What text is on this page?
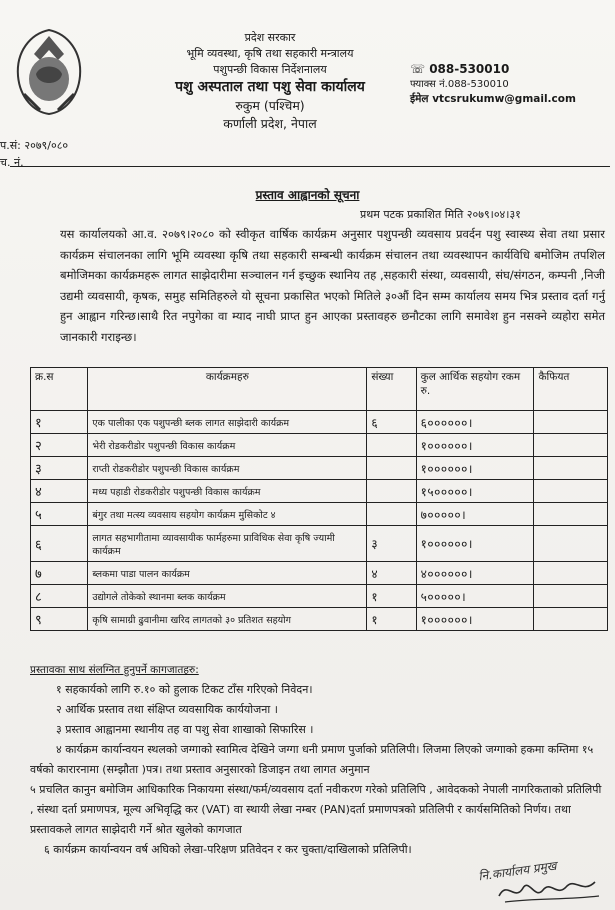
प्रदेश सरकार
भूमि व्यवस्था, कृषि तथा सहकारी मन्त्रालय
पशुपन्छी विकास निर्देशनालय
पशु अस्पताल तथा पशु सेवा कार्यालय
रुकुम (पश्चिम)
कर्णाली प्रदेश, नेपाल
☏ 088-530010
फ्याक्स नं.088-530010
ईमेल vtcsrukumw@gmail.com
प.सं: २०७९/०८०
च. नं.
प्रस्ताव आह्वानको सूचना
प्रथम पटक प्रकाशित मिति २०७९।०४।३१
यस कार्यालयको आ.व. २०७९।२०८० को स्वीकृत वार्षिक कार्यक्रम अनुसार पशुपन्छी व्यवसाय प्रवर्दन पशु स्वास्थ्य सेवा तथा प्रसार कार्यक्रम संचालनका लागि भूमि व्यवस्था कृषि तथा सहकारी सम्बन्धी कार्यक्रम संचालन तथा व्यवस्थापन कार्यविधि बमोजिम तपशिल बमोजिमका कार्यक्रमहरू लागत साझेदारीमा सञ्चालन गर्न इच्छुक स्थानिय तह ,सहकारी संस्था, व्यवसायी, संघ/संगठन, कम्पनी ,निजी उद्यमी व्यवसायी, कृषक, समुह समितिहरुले यो सूचना प्रकासित भएको मितिले ३०औं दिन सम्म कार्यालय समय भित्र प्रस्ताव दर्ता गर्नु हुन आह्वान गरिन्छ।साथै रित नपुगेका वा म्याद नाघी प्राप्त हुन आएका प्रस्तावहरु छनौटका लागि समावेश हुन नसक्ने व्यहोरा समेत जानकारी गराइन्छ।
क्र.स	कार्यक्रमहरु	संख्या	कुल आर्थिक सहयोग रकम रु.	कैफियत
१	एक पालीका एक पशुपन्छी ब्लक लागत साझेदारी कार्यक्रम	६	६००००००।	
२	भेरी रोडकरीडोर पशुपन्छी विकास कार्यक्रम		१००००००।	
३	राप्ती रोडकरीडोर पशुपन्छी विकास कार्यक्रम		१००००००।	
४	मध्य पहाडी रोडकरीडोर पशुपन्छी विकास कार्यक्रम		१५०००००।	
५	बंगुर तथा मत्स्य व्यवसाय सहयोग कार्यक्रम मुसिकोट ४		७०००००।	
६	लागत सहभागीतामा व्यावसायीक फार्महरुमा प्राविधिक सेवा कृषि ज्यामी कार्यक्रम	३	१००००००।	
७	ब्लकमा पाडा पालन कार्यक्रम	४	४००००००।	
८	उद्योगले तोकेको स्थानमा ब्लक कार्यक्रम	१	५०००००।	
९	कृषि सामाग्री ढुवानीमा खरिद लागतको ३० प्रतिशत सहयोग	१	१००००००।	
प्रस्तावका साथ संलग्नित हुनुपर्ने कागजातहरु:
१ सहकार्यको लागि रु.१० को हुलाक टिकट टाँस गरिएको निवेदन।
२ आर्थिक प्रस्ताव तथा संक्षिप्त व्यवसायिक कार्ययोजना ।
३ प्रस्ताव आह्वानमा स्थानीय तह वा पशु सेवा शाखाको सिफारिस ।
४ कार्यक्रम कार्यान्वयन स्थलको जग्गाको स्वामित्व देखिने जग्गा धनी प्रमाण पुर्जाको प्रतिलिपी। लिजमा लिएको जग्गाको हकमा कम्तिमा १५ वर्षको कारारनामा (सम्झौता )पत्र। तथा प्रस्ताव अनुसारको डिजाइन तथा लागत अनुमान
५ प्रचलित कानुन बमोजिम आधिकारिक निकायमा संस्था/फर्म/व्यवसाय दर्ता नवीकरण गरेको प्रतिलिपि , आवेदकको नेपाली नागरिकताको प्रतिलिपी , संस्था दर्ता प्रमाणपत्र, मूल्य अभिवृद्धि कर (VAT) वा स्थायी लेखा नम्बर (PAN)दर्ता प्रमाणपत्रको प्रतिलिपी र कार्यसमितिको निर्णय। तथा प्रस्तावकले लागत साझेदारी गर्ने श्रोत खुलेको कागजात
६ कार्यक्रम कार्यान्वयन वर्ष अघिको लेखा-परिक्षण प्रतिवेदन र कर चुक्ता/दाखिलाको प्रतिलिपी।
नि.कार्यालय प्रमुख
